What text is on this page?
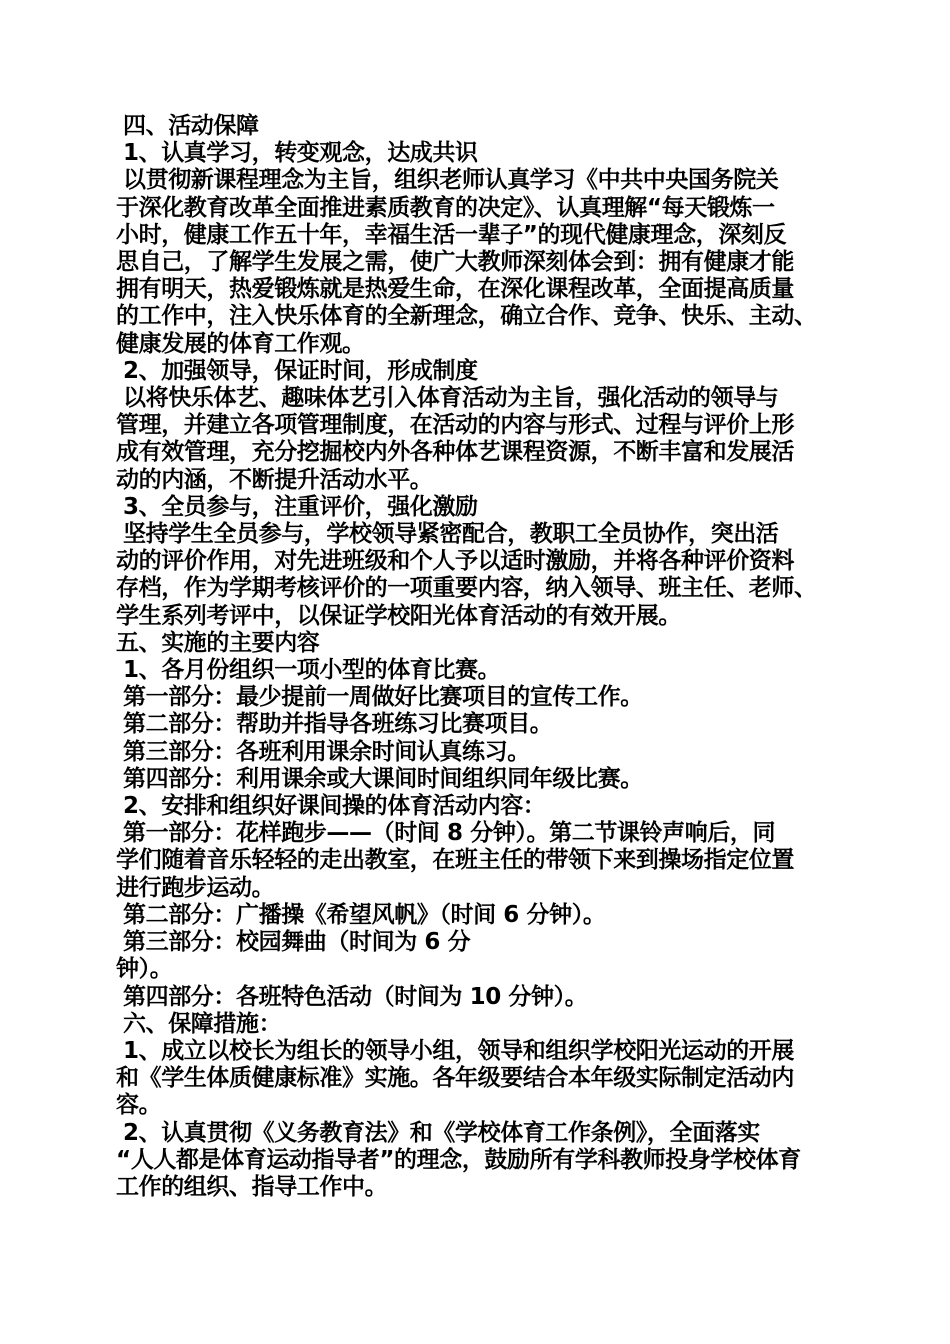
四、活动保障
1、认真学习，转变观念，达成共识
以贯彻新课程理念为主旨，组织老师认真学习《中共中央国务院关
于深化教育改革全面推进素质教育的决定》、认真理解“每天锻炼一
小时，健康工作五十年，幸福生活一辈子”的现代健康理念，深刻反
思自己，了解学生发展之需，使广大教师深刻体会到：拥有健康才能
拥有明天，热爱锻炼就是热爱生命，在深化课程改革，全面提高质量
的工作中，注入快乐体育的全新理念，确立合作、竞争、快乐、主动、
健康发展的体育工作观。
2、加强领导，保证时间，形成制度
以将快乐体艺、趣味体艺引入体育活动为主旨，强化活动的领导与
管理，并建立各项管理制度，在活动的内容与形式、过程与评价上形
成有效管理，充分挖掘校内外各种体艺课程资源，不断丰富和发展活
动的内涵，不断提升活动水平。
3、全员参与，注重评价，强化激励
坚持学生全员参与，学校领导紧密配合，教职工全员协作，突出活
动的评价作用，对先进班级和个人予以适时激励，并将各种评价资料
存档，作为学期考核评价的一项重要内容，纳入领导、班主任、老师、
学生系列考评中，以保证学校阳光体育活动的有效开展。
五、实施的主要内容
1、各月份组织一项小型的体育比赛。
第一部分：最少提前一周做好比赛项目的宣传工作。
第二部分：帮助并指导各班练习比赛项目。
第三部分：各班利用课余时间认真练习。
第四部分：利用课余或大课间时间组织同年级比赛。
2、安排和组织好课间操的体育活动内容：
第一部分：花样跑步——（时间 8 分钟）。第二节课铃声响后，同
学们随着音乐轻轻的走出教室，在班主任的带领下来到操场指定位置
进行跑步运动。
第二部分：广播操《希望风帆》（时间 6 分钟）。
第三部分：校园舞曲（时间为 6 分
钟）。
第四部分：各班特色活动（时间为 10 分钟）。
六、保障措施：
1、成立以校长为组长的领导小组，领导和组织学校阳光运动的开展
和《学生体质健康标准》实施。各年级要结合本年级实际制定活动内
容。
2、认真贯彻《义务教育法》和《学校体育工作条例》，全面落实
“人人都是体育运动指导者”的理念，鼓励所有学科教师投身学校体育
工作的组织、指导工作中。
